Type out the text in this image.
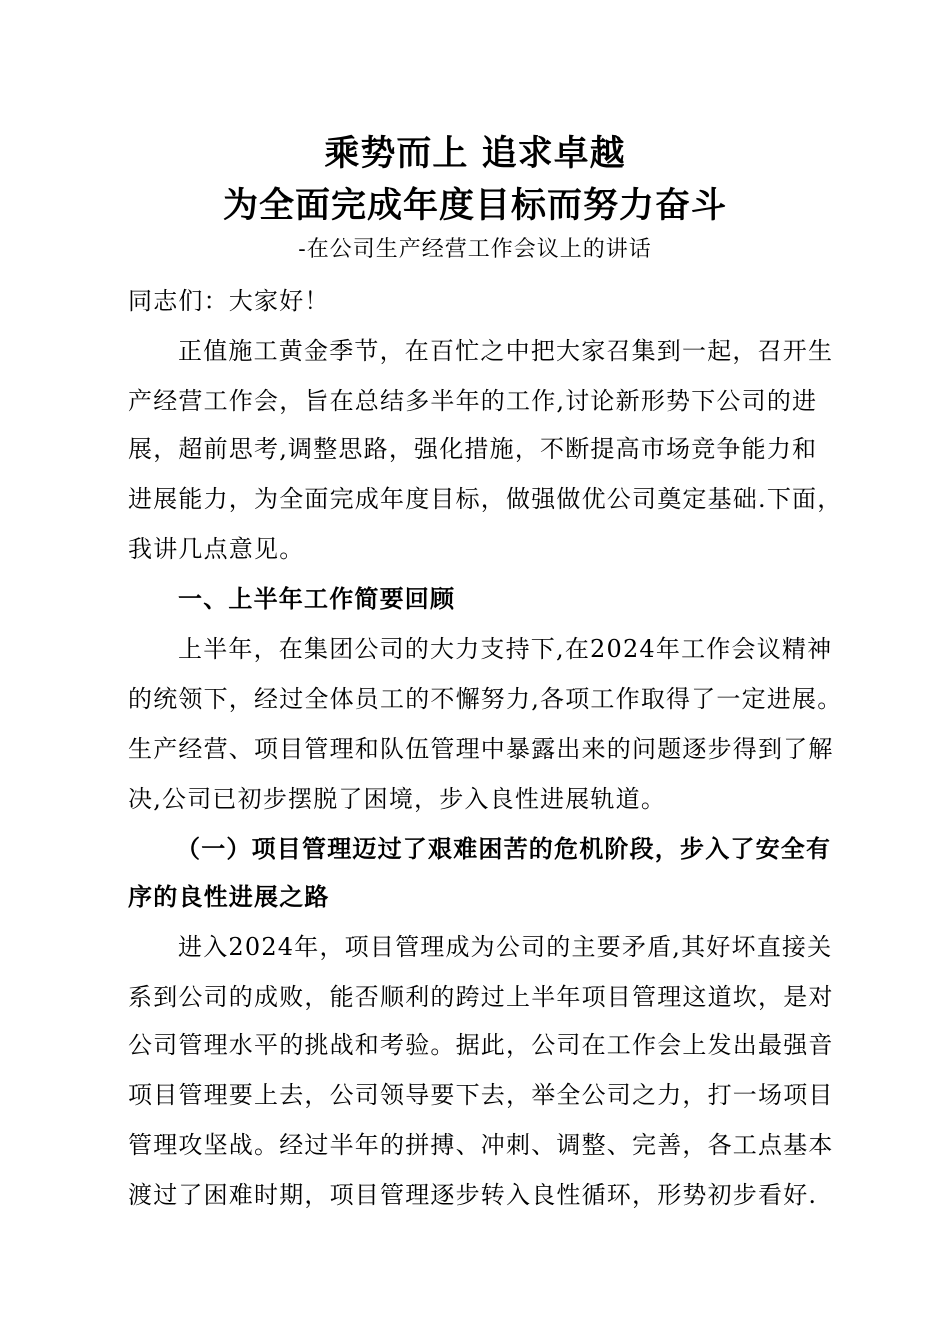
乘势而上 追求卓越
为全面完成年度目标而努力奋斗
-在公司生产经营工作会议上的讲话
同志们：大家好！
正值施工黄金季节，在百忙之中把大家召集到一起，召开生
产经营工作会，旨在总结多半年的工作,讨论新形势下公司的进
展，超前思考,调整思路，强化措施，不断提高市场竞争能力和
进展能力，为全面完成年度目标，做强做优公司奠定基础.下面，
我讲几点意见。
一、上半年工作简要回顾
上半年，在集团公司的大力支持下,在2024年工作会议精神
的统领下，经过全体员工的不懈努力,各项工作取得了一定进展。
生产经营、项目管理和队伍管理中暴露出来的问题逐步得到了解
决,公司已初步摆脱了困境，步入良性进展轨道。
（一）项目管理迈过了艰难困苦的危机阶段，步入了安全有
序的良性进展之路
进入2024年，项目管理成为公司的主要矛盾,其好坏直接关
系到公司的成败，能否顺利的跨过上半年项目管理这道坎，是对
公司管理水平的挑战和考验。据此，公司在工作会上发出最强音
项目管理要上去，公司领导要下去，举全公司之力，打一场项目
管理攻坚战。经过半年的拼搏、冲刺、调整、完善，各工点基本
渡过了困难时期，项目管理逐步转入良性循环，形势初步看好.
